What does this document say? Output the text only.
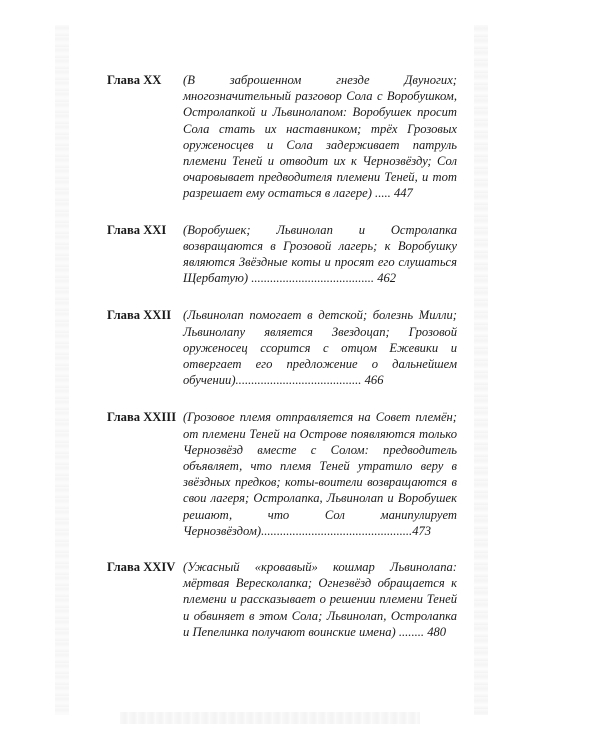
Глава XX (В заброшенном гнезде Двуногих; многозначительный разговор Сола с Воробушком, Остролапкой и Львинолапом: Воробушек просит Сола стать их наставником; трёх Грозовых оруженосцев и Сола задерживает патруль племени Теней и отводит их к Чернозвёзду; Сол очаровывает предводителя племени Теней, и тот разрешает ему остаться в лагере) ..... 447
Глава XXI (Воробушек; Львинолап и Остролапка возвращаются в Грозовой лагерь; к Воробушку являются Звёздные коты и просят его слушаться Щербатую) ....................................... 462
Глава XXII (Львинолап помогает в детской; болезнь Милли; Львинолапу является Звездоцап; Грозовой оруженосец ссорится с отцом Ежевики и отвергает его предложение о дальнейшем обучении)........................................ 466
Глава XXIII (Грозовое племя отправляется на Совет племён; от племени Теней на Острове появляются только Чернозвёзд вместе с Солом: предводитель объявляет, что племя Теней утратило веру в звёздных предков; коты-воители возвращаются в свои лагеря; Остролапка, Львинолап и Воробушек решают, что Сол манипулирует Чернозвёздом)................................................473
Глава XXIV (Ужасный «кровавый» кошмар Львинолапа: мёртвая Вересколапка; Огнезвёзд обращается к племени и рассказывает о решении племени Теней и обвиняет в этом Сола; Львинолап, Остролапка и Пепелинка получают воинские имена) ........ 480
